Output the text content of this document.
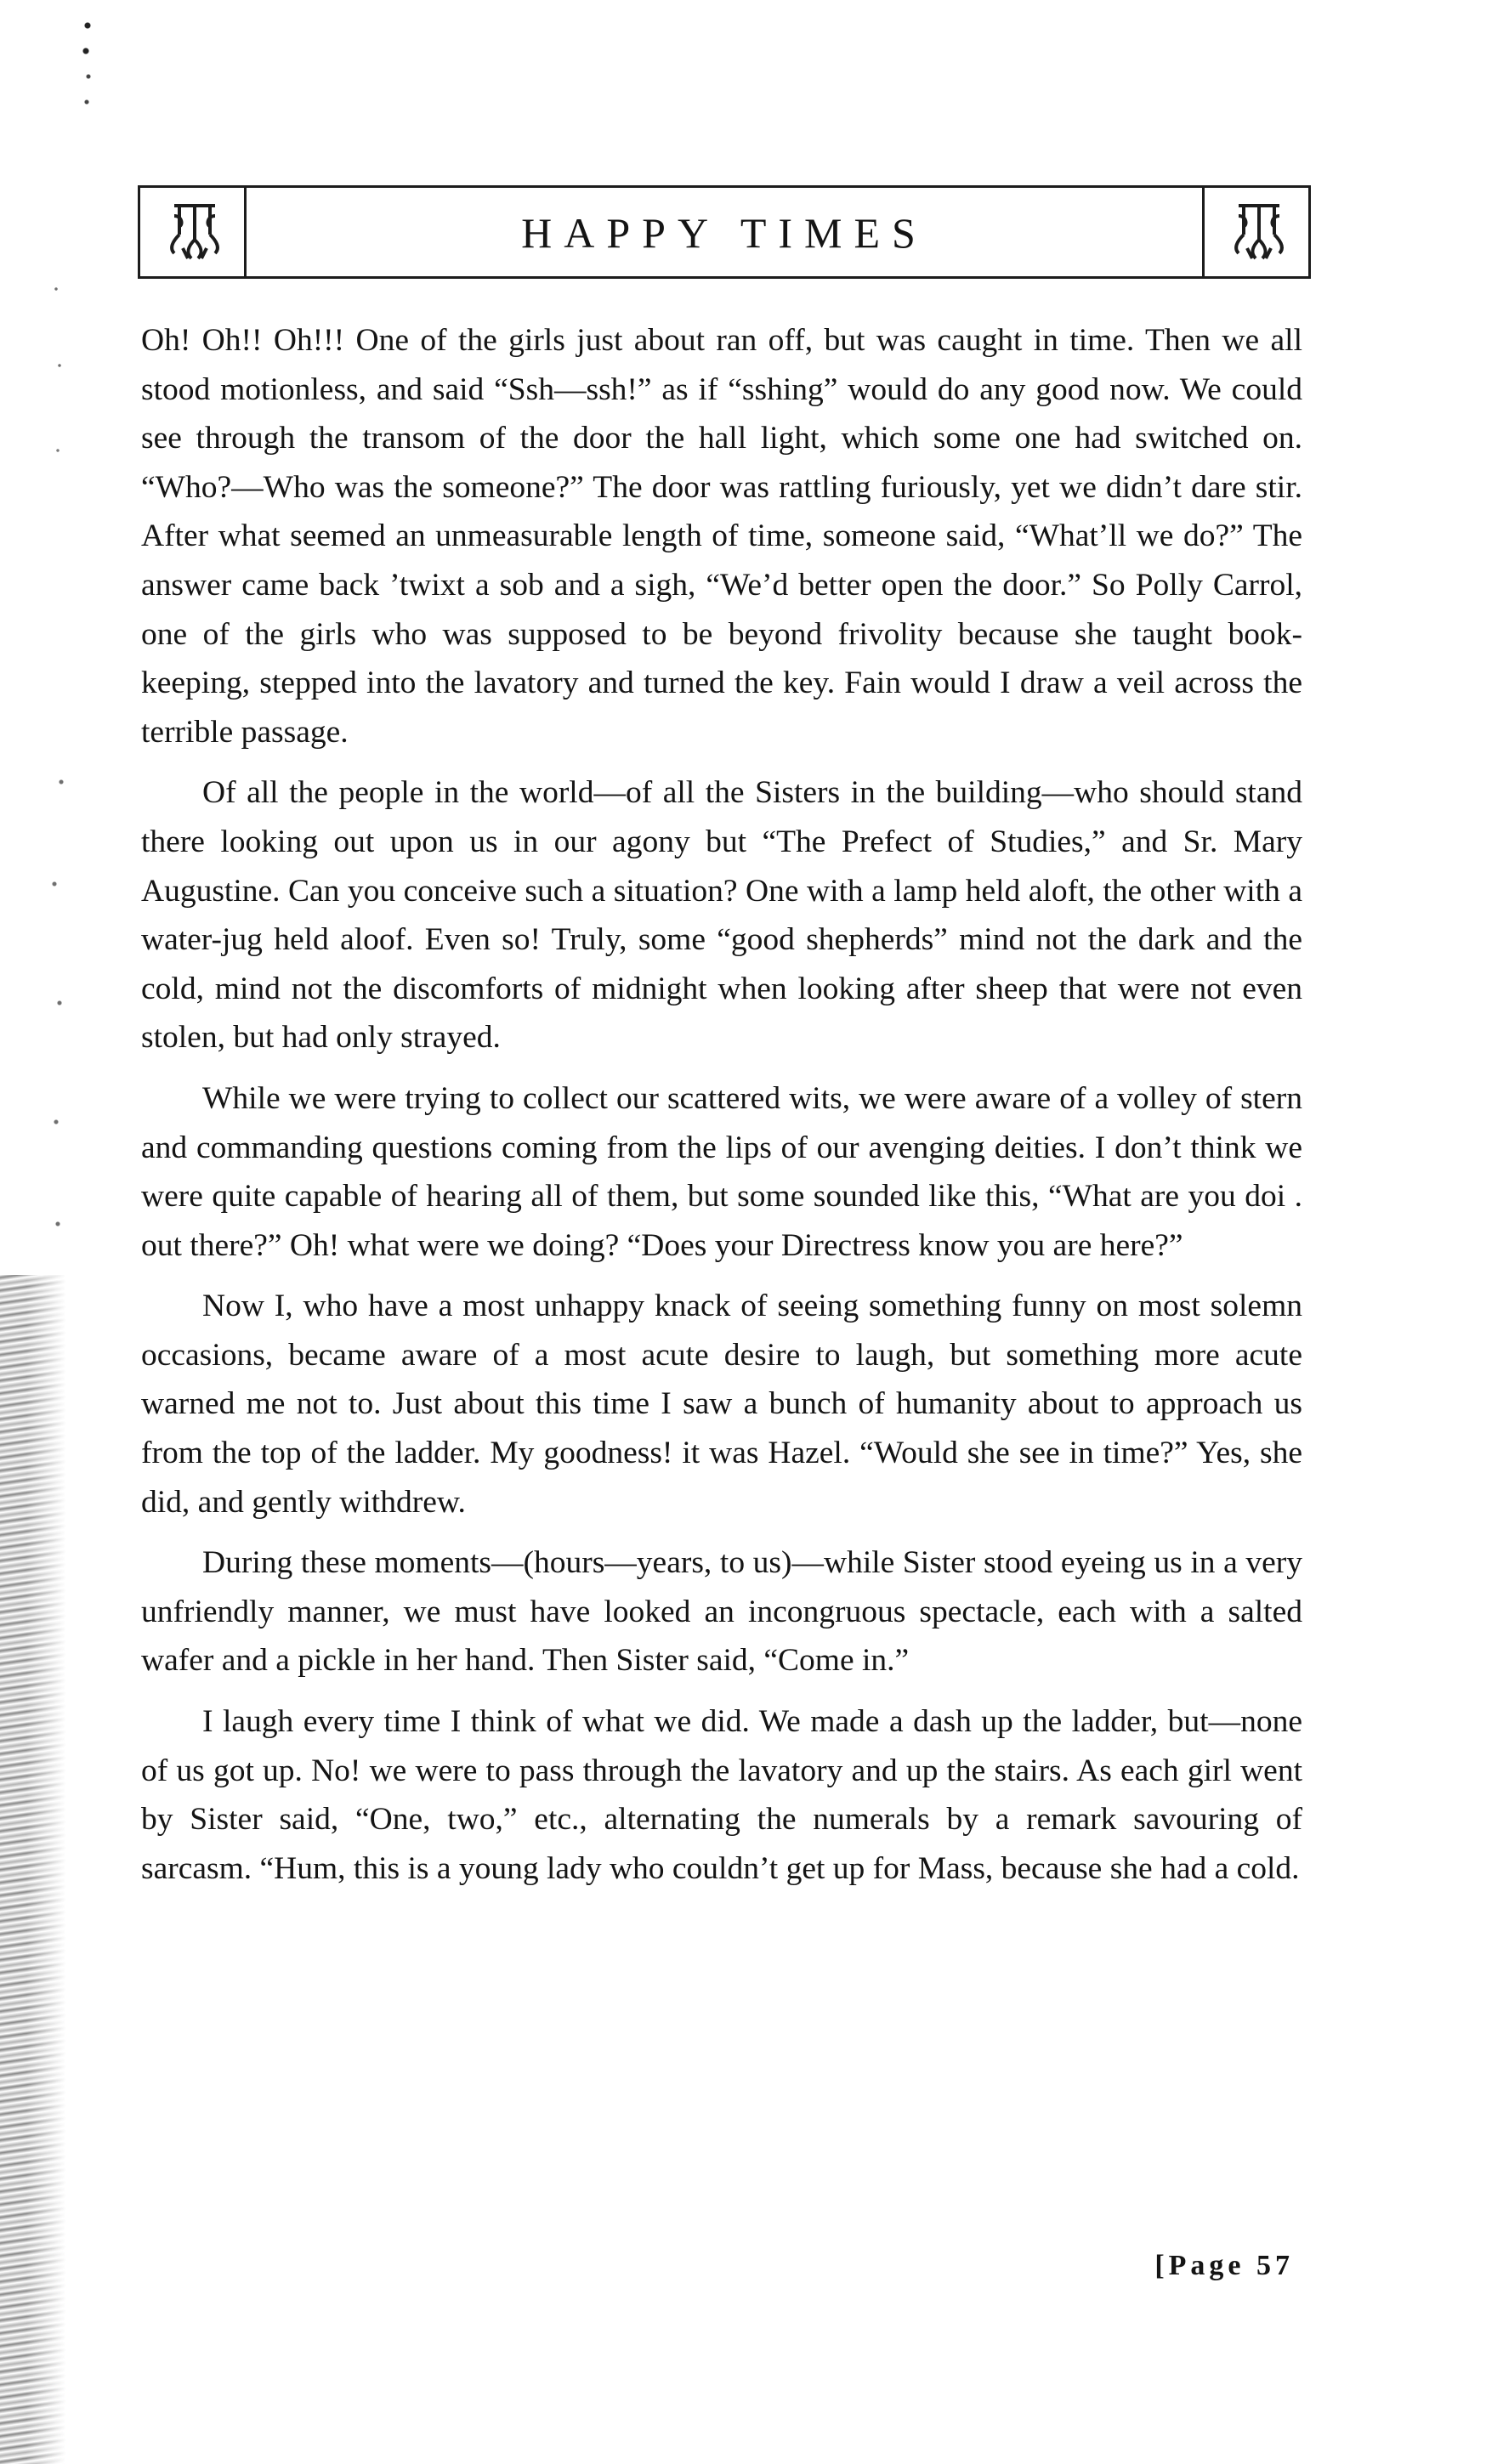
HAPPY TIMES

Oh! Oh!! Oh!!! One of the girls just about ran off, but was caught in time. Then we all stood motionless, and said “Ssh—ssh!” as if “sshing” would do any good now. We could see through the transom of the door the hall light, which some one had switched on. “Who?—Who was the someone?” The door was rattling furiously, yet we didn’t dare stir. After what seemed an unmeasurable length of time, someone said, “What’ll we do?” The answer came back ’twixt a sob and a sigh, “We’d better open the door.” So Polly Carrol, one of the girls who was supposed to be beyond frivolity because she taught book-keeping, stepped into the lavatory and turned the key. Fain would I draw a veil across the terrible passage.

Of all the people in the world—of all the Sisters in the building—who should stand there looking out upon us in our agony but “The Prefect of Studies,” and Sr. Mary Augustine. Can you conceive such a situation? One with a lamp held aloft, the other with a water-jug held aloof. Even so! Truly, some “good shepherds” mind not the dark and the cold, mind not the discomforts of midnight when looking after sheep that were not even stolen, but had only strayed.

While we were trying to collect our scattered wits, we were aware of a volley of stern and commanding questions coming from the lips of our avenging deities. I don’t think we were quite capable of hearing all of them, but some sounded like this, “What are you doi . out there?” Oh! what were we doing? “Does your Directress know you are here?”

Now I, who have a most unhappy knack of seeing something funny on most solemn occasions, became aware of a most acute desire to laugh, but something more acute warned me not to. Just about this time I saw a bunch of humanity about to approach us from the top of the ladder. My goodness! it was Hazel. “Would she see in time?” Yes, she did, and gently withdrew.

During these moments—(hours—years, to us)—while Sister stood eyeing us in a very unfriendly manner, we must have looked an incongruous spectacle, each with a salted wafer and a pickle in her hand. Then Sister said, “Come in.”

I laugh every time I think of what we did. We made a dash up the ladder, but—none of us got up. No! we were to pass through the lavatory and up the stairs. As each girl went by Sister said, “One, two,” etc., alternating the numerals by a remark savouring of sarcasm. “Hum, this is a young lady who couldn’t get up for Mass, because she had a cold.

[Page 57
